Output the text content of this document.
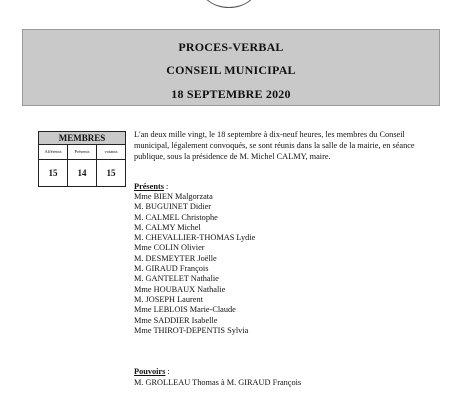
PROCES-VERBAL
CONSEIL MUNICIPAL
18 SEPTEMBRE 2020
MEMBRES
Afférents	Présents	votants
15	14	15

L'an deux mille vingt, le 18 septembre à dix-neuf heures, les membres du Conseil municipal, légalement convoqués, se sont réunis dans la salle de la mairie, en séance publique, sous la présidence de M. Michel CALMY, maire.

Présents :
Mme BIEN Malgorzata
M. BUGUINET Didier
M. CALMEL Christophe
M. CALMY Michel
M. CHEVALLIER-THOMAS Lydie
Mme COLIN Olivier
M. DESMEYTER Joëlle
M. GIRAUD François
M. GANTELET Nathalie
Mme HOUBAUX Nathalie
M. JOSEPH Laurent
Mme LEBLOIS Marie-Claude
Mme SADDIER Isabelle
Mme THIROT-DEPENTIS Sylvia
Pouvoirs :
M. GROLLEAU Thomas à M. GIRAUD François
